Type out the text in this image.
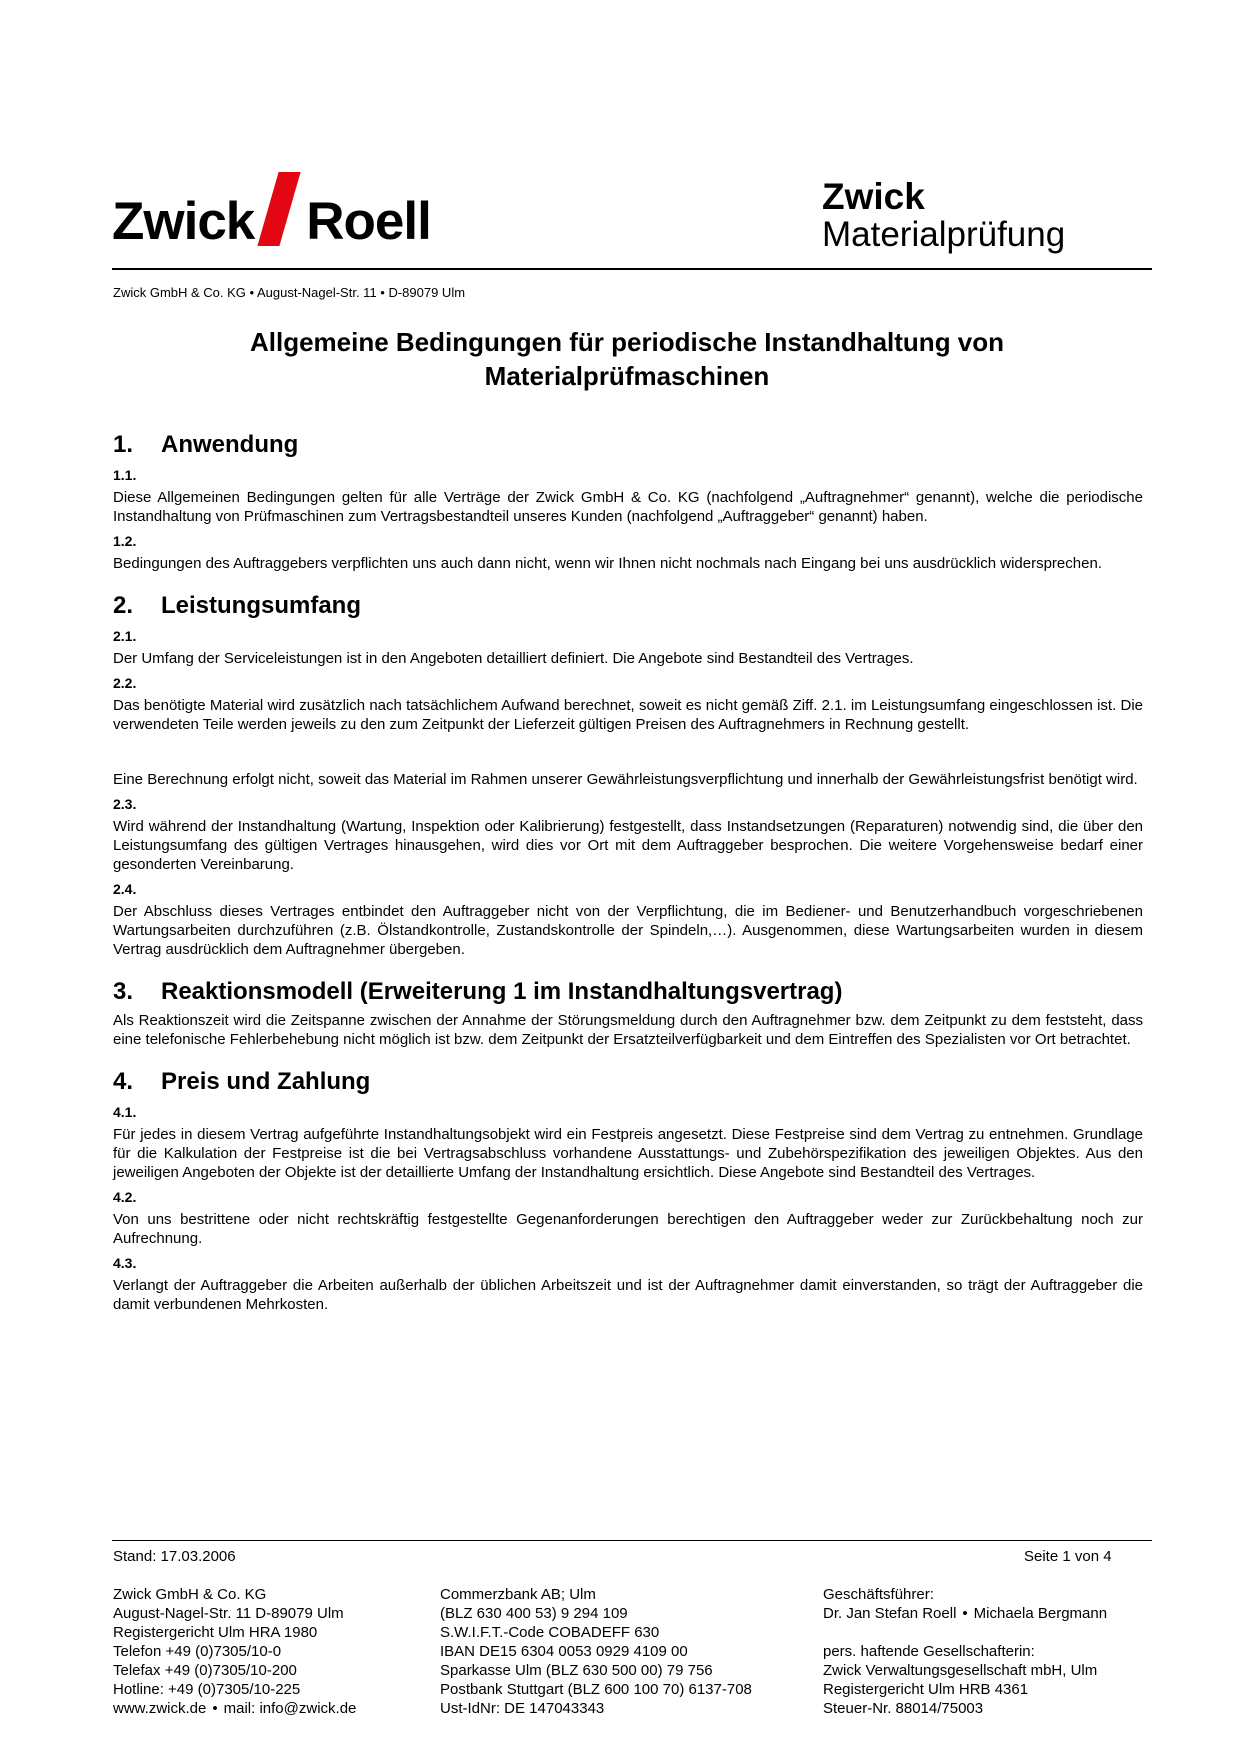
Zwick Roell	Zwick
Materialprüfung
Zwick GmbH & Co. KG • August-Nagel-Str. 11 • D-89079 Ulm
Allgemeine Bedingungen für periodische Instandhaltung von
Materialprüfmaschinen
1. Anwendung
1.1.

Diese Allgemeinen Bedingungen gelten für alle Verträge der Zwick GmbH & Co. KG (nachfolgend „Auftragnehmer“ genannt), welche die periodische Instandhaltung von Prüfmaschinen zum Vertragsbestandteil unseres Kunden (nachfolgend „Auftraggeber“ genannt) haben.

1.2.

Bedingungen des Auftraggebers verpflichten uns auch dann nicht, wenn wir Ihnen nicht nochmals nach Eingang bei uns ausdrücklich widersprechen.

2. Leistungsumfang
2.1.

Der Umfang der Serviceleistungen ist in den Angeboten detailliert definiert. Die Angebote sind Bestandteil des Vertrages.

2.2.

Das benötigte Material wird zusätzlich nach tatsächlichem Aufwand berechnet, soweit es nicht gemäß Ziff. 2.1. im Leistungsumfang eingeschlossen ist. Die verwendeten Teile werden jeweils zu den zum Zeitpunkt der Lieferzeit gültigen Preisen des Auftragnehmers in Rechnung gestellt.

Eine Berechnung erfolgt nicht, soweit das Material im Rahmen unserer Gewährleistungsverpflichtung und innerhalb der Gewährleistungsfrist benötigt wird.

2.3.

Wird während der Instandhaltung (Wartung, Inspektion oder Kalibrierung) festgestellt, dass Instandsetzungen (Reparaturen) notwendig sind, die über den Leistungsumfang des gültigen Vertrages hinausgehen, wird dies vor Ort mit dem Auftraggeber besprochen. Die weitere Vorgehensweise bedarf einer gesonderten Vereinbarung.

2.4.

Der Abschluss dieses Vertrages entbindet den Auftraggeber nicht von der Verpflichtung, die im Bediener- und Benutzerhandbuch vorgeschriebenen Wartungsarbeiten durchzuführen (z.B. Ölstandkontrolle, Zustandskontrolle der Spindeln,…). Ausgenommen, diese Wartungsarbeiten wurden in diesem Vertrag ausdrücklich dem Auftragnehmer übergeben.

3. Reaktionsmodell (Erweiterung 1 im Instandhaltungsvertrag)

Als Reaktionszeit wird die Zeitspanne zwischen der Annahme der Störungsmeldung durch den Auftragnehmer bzw. dem Zeitpunkt zu dem feststeht, dass eine telefonische Fehlerbehebung nicht möglich ist bzw. dem Zeitpunkt der Ersatzteilverfügbarkeit und dem Eintreffen des Spezialisten vor Ort betrachtet.

4. Preis und Zahlung
4.1.

Für jedes in diesem Vertrag aufgeführte Instandhaltungsobjekt wird ein Festpreis angesetzt. Diese Festpreise sind dem Vertrag zu entnehmen. Grundlage für die Kalkulation der Festpreise ist die bei Vertragsabschluss vorhandene Ausstattungs- und Zubehörspezifikation des jeweiligen Objektes. Aus den jeweiligen Angeboten der Objekte ist der detaillierte Umfang der Instandhaltung ersichtlich. Diese Angebote sind Bestandteil des Vertrages.

4.2.

Von uns bestrittene oder nicht rechtskräftig festgestellte Gegenanforderungen berechtigen den Auftraggeber weder zur Zurückbehaltung noch zur Aufrechnung.

4.3.

Verlangt der Auftraggeber die Arbeiten außerhalb der üblichen Arbeitszeit und ist der Auftragnehmer damit einverstanden, so trägt der Auftraggeber die damit verbundenen Mehrkosten.

Stand: 17.03.2006	Seite 1 von 4
Zwick GmbH & Co. KG
August-Nagel-Str. 11 D-89079 Ulm
Registergericht Ulm HRA 1980
Telefon +49 (0)7305/10-0
Telefax +49 (0)7305/10-200
Hotline: +49 (0)7305/10-225
www.zwick.de • mail: info@zwick.de
Commerzbank AB; Ulm
(BLZ 630 400 53) 9 294 109
S.W.I.F.T.-Code COBADEFF 630
IBAN DE15 6304 0053 0929 4109 00
Sparkasse Ulm (BLZ 630 500 00) 79 756
Postbank Stuttgart (BLZ 600 100 70) 6137-708
Ust-IdNr: DE 147043343
Geschäftsführer:
Dr. Jan Stefan Roell • Michaela Bergmann
pers. haftende Gesellschafterin:
Zwick Verwaltungsgesellschaft mbH, Ulm
Registergericht Ulm HRB 4361
Steuer-Nr. 88014/75003
